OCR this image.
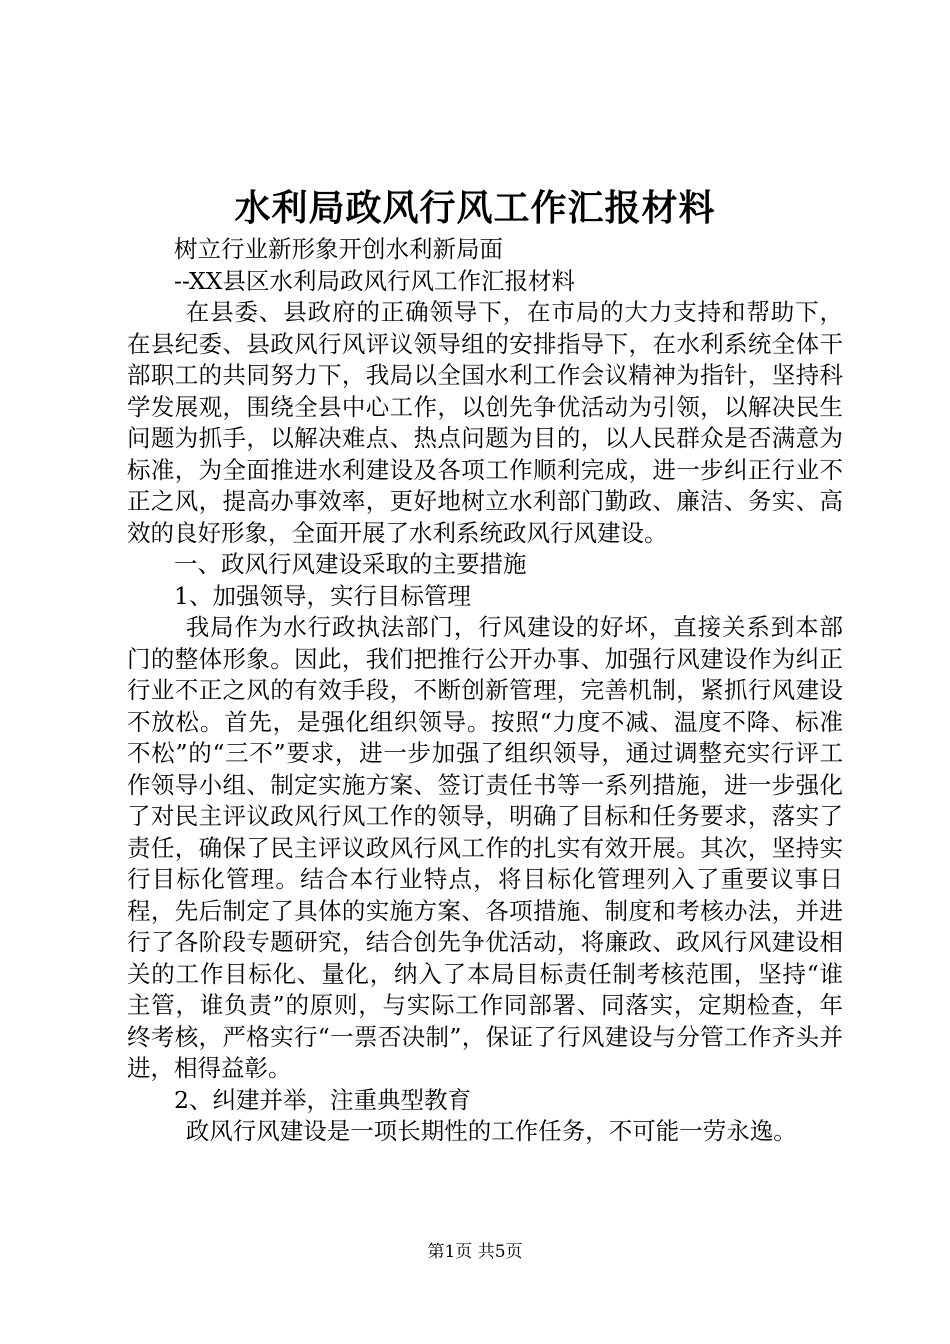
水利局政风行风工作汇报材料

树立行业新形象开创水利新局面

--XX县区水利局政风行风工作汇报材料

在县委、县政府的正确领导下，在市局的大力支持和帮助下，在县纪委、县政风行风评议领导组的安排指导下，在水利系统全体干部职工的共同努力下，我局以全国水利工作会议精神为指针，坚持科学发展观，围绕全县中心工作，以创先争优活动为引领，以解决民生问题为抓手，以解决难点、热点问题为目的，以人民群众是否满意为标准，为全面推进水利建设及各项工作顺利完成，进一步纠正行业不正之风，提高办事效率，更好地树立水利部门勤政、廉洁、务实、高效的良好形象，全面开展了水利系统政风行风建设。

一、政风行风建设采取的主要措施

1、加强领导，实行目标管理

我局作为水行政执法部门，行风建设的好坏，直接关系到本部门的整体形象。因此，我们把推行公开办事、加强行风建设作为纠正行业不正之风的有效手段，不断创新管理，完善机制，紧抓行风建设不放松。首先，是强化组织领导。按照“力度不减、温度不降、标准不松”的“三不”要求，进一步加强了组织领导，通过调整充实行评工作领导小组、制定实施方案、签订责任书等一系列措施，进一步强化了对民主评议政风行风工作的领导，明确了目标和任务要求，落实了责任，确保了民主评议政风行风工作的扎实有效开展。其次，坚持实行目标化管理。结合本行业特点，将目标化管理列入了重要议事日程，先后制定了具体的实施方案、各项措施、制度和考核办法，并进行了各阶段专题研究，结合创先争优活动，将廉政、政风行风建设相关的工作目标化、量化，纳入了本局目标责任制考核范围，坚持“谁主管，谁负责”的原则，与实际工作同部署、同落实，定期检查，年终考核，严格实行“一票否决制”，保证了行风建设与分管工作齐头并进，相得益彰。

2、纠建并举，注重典型教育

政风行风建设是一项长期性的工作任务，不可能一劳永逸。

第1页 共5页
